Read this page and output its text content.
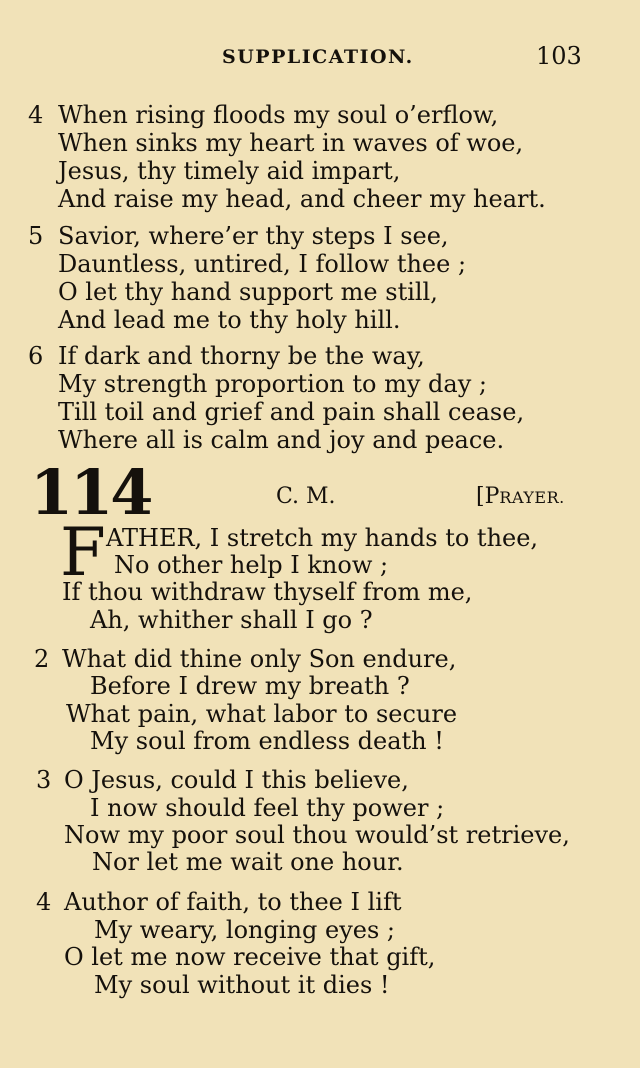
SUPPLICATION.	103
4 When rising floods my soul o’erflow,
When sinks my heart in waves of woe,
Jesus, thy timely aid impart,
And raise my head, and cheer my heart.
5 Savior, where’er thy steps I see,
Dauntless, untired, I follow thee ;
O let thy hand support me still,
And lead me to thy holy hill.
6 If dark and thorny be the way,
My strength proportion to my day ;
Till toil and grief and pain shall cease,
Where all is calm and joy and peace.
114	C. M.	[PRAYER.
F ATHER, I stretch my hands to thee,
No other help I know ;
If thou withdraw thyself from me,
Ah, whither shall I go ?
2 What did thine only Son endure,
Before I drew my breath ?
What pain, what labor to secure
My soul from endless death !
3 O Jesus, could I this believe,
I now should feel thy power ;
Now my poor soul thou would’st retrieve,
Nor let me wait one hour.
4 Author of faith, to thee I lift
My weary, longing eyes ;
O let me now receive that gift,
My soul without it dies !
